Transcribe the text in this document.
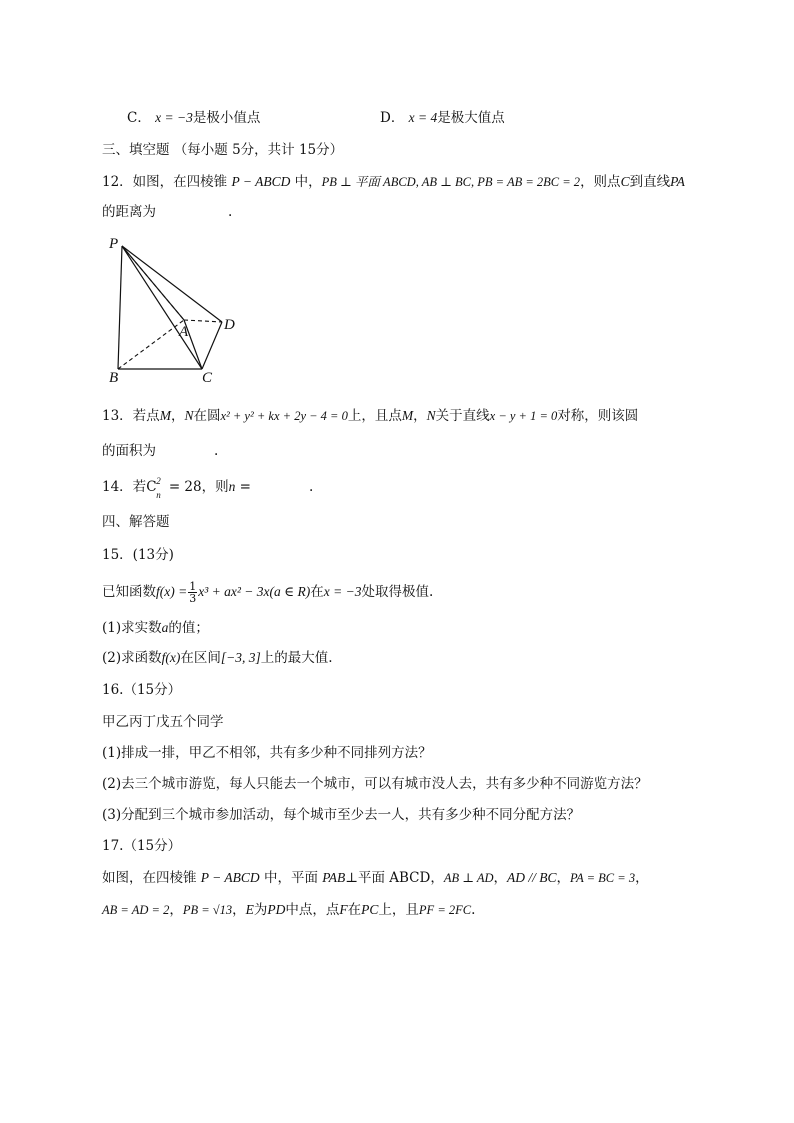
C． x = −3是极小值点	D． x = 4是极大值点
三、填空题 （每小题 5分，共计 15分）
12．如图，在四棱锥 P − ABCD 中，PB ⊥ 平面 ABCD, AB ⊥ BC, PB = AB = 2BC = 2，则点C到直线PA
的距离为	.
P
A
B	C
D
13．若点M，N在圆x² + y² + kx + 2y − 4 = 0上，且点M，N关于直线x − y + 1 = 0对称，则该圆
的面积为	.
14．若C 2
n = 28，则n =	.
四、解答题
15．(13分)
已知函数$f(x) = \frac{1}{3} x^3 + ax^2 - 3x(a$ ∈ R)在x = −3处取得极值.
(1)求实数a的值；
(2)求函数f(x)在区间[−3, 3]上的最大值.
16.（15分）
甲乙丙丁戊五个同学
(1)排成一排，甲乙不相邻，共有多少种不同排列方法？
(2)去三个城市游览，每人只能去一个城市，可以有城市没人去，共有多少种不同游览方法？
(3)分配到三个城市参加活动，每个城市至少去一人，共有多少种不同分配方法？
17.（15分）
如图，在四棱锥 P − ABCD 中，平面 PAB⊥平面 ABCD，AB ⊥ AD，AD // BC，PA = BC = 3，
AB = AD = 2，PB = √13，E为PD中点，点F在PC上，且PF = 2FC.
